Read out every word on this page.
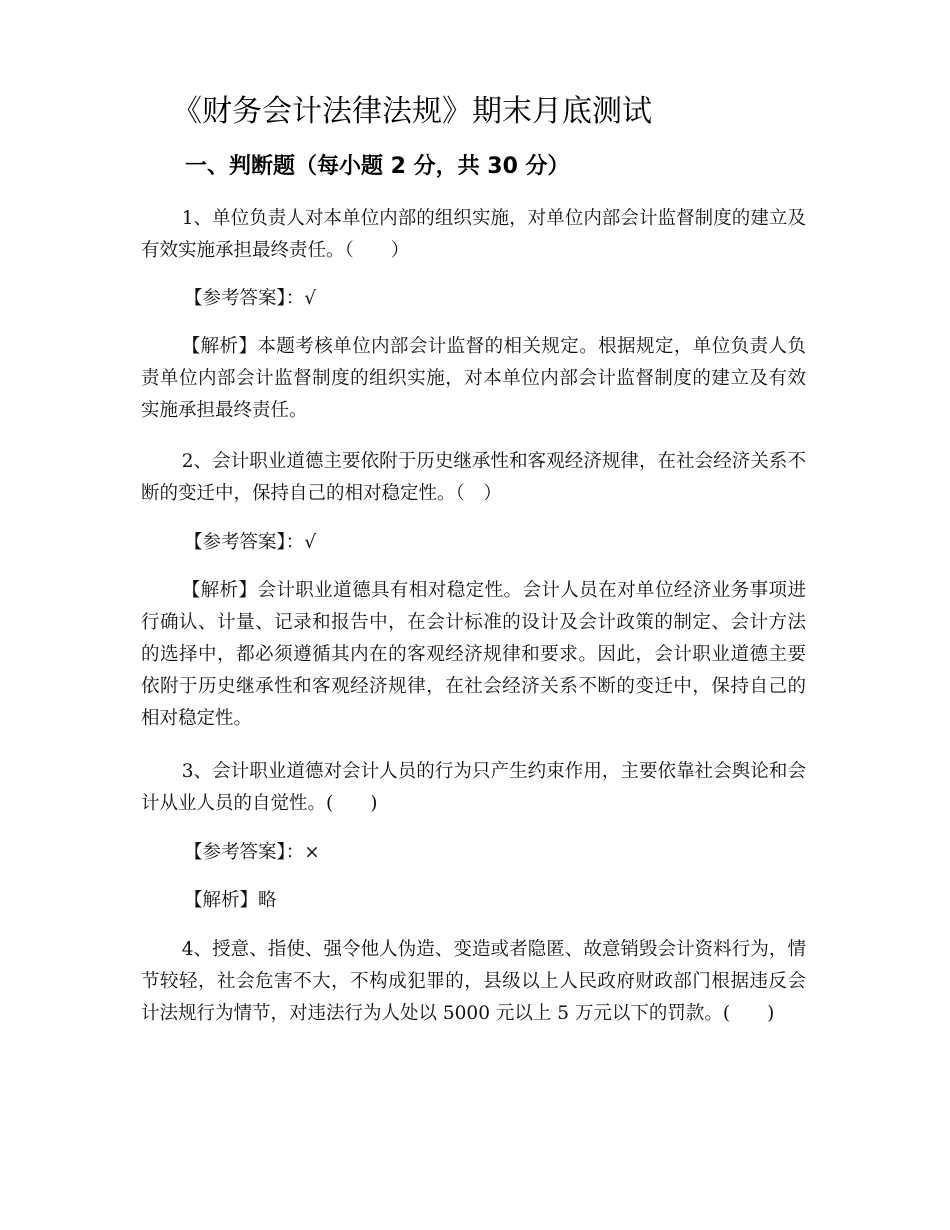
《财务会计法律法规》期末月底测试
一、判断题（每小题 2 分，共 30 分）
1、单位负责人对本单位内部的组织实施，对单位内部会计监督制度的建立及有效实施承担最终责任。（　　）
【参考答案】：√
【解析】本题考核单位内部会计监督的相关规定。根据规定，单位负责人负责单位内部会计监督制度的组织实施，对本单位内部会计监督制度的建立及有效实施承担最终责任。
2、会计职业道德主要依附于历史继承性和客观经济规律，在社会经济关系不断的变迁中，保持自己的相对稳定性。（　）
【参考答案】：√
【解析】会计职业道德具有相对稳定性。会计人员在对单位经济业务事项进行确认、计量、记录和报告中，在会计标准的设计及会计政策的制定、会计方法的选择中，都必须遵循其内在的客观经济规律和要求。因此，会计职业道德主要依附于历史继承性和客观经济规律，在社会经济关系不断的变迁中，保持自己的相对稳定性。
3、会计职业道德对会计人员的行为只产生约束作用，主要依靠社会舆论和会计从业人员的自觉性。(　　)
【参考答案】：×
【解析】略
4、授意、指使、强令他人伪造、变造或者隐匿、故意销毁会计资料行为，情节较轻，社会危害不大，不构成犯罪的，县级以上人民政府财政部门根据违反会计法规行为情节，对违法行为人处以 5000 元以上 5 万元以下的罚款。(　　)
